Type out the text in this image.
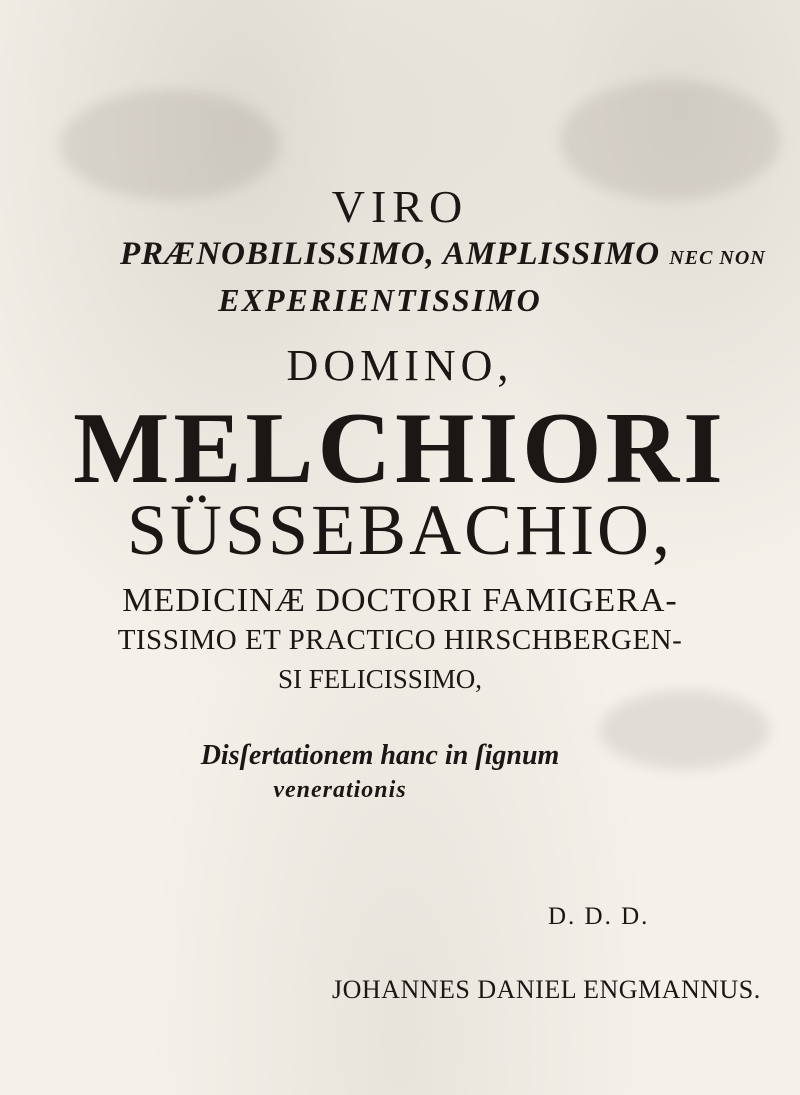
VIRO
PRÆNOBILISSIMO, AMPLISSIMO NEC NON
EXPERIENTISSIMO
DOMINO,
MELCHIORI
SÜSSEBACHIO,
MEDICINÆ DOCTORI FAMIGERA-
TISSIMO ET PRACTICO HIRSCHBERGEN-
SI FELICISSIMO,
Disſertationem hanc in ſignum
venerationis
D. D. D.
JOHANNES DANIEL ENGMANNUS.
